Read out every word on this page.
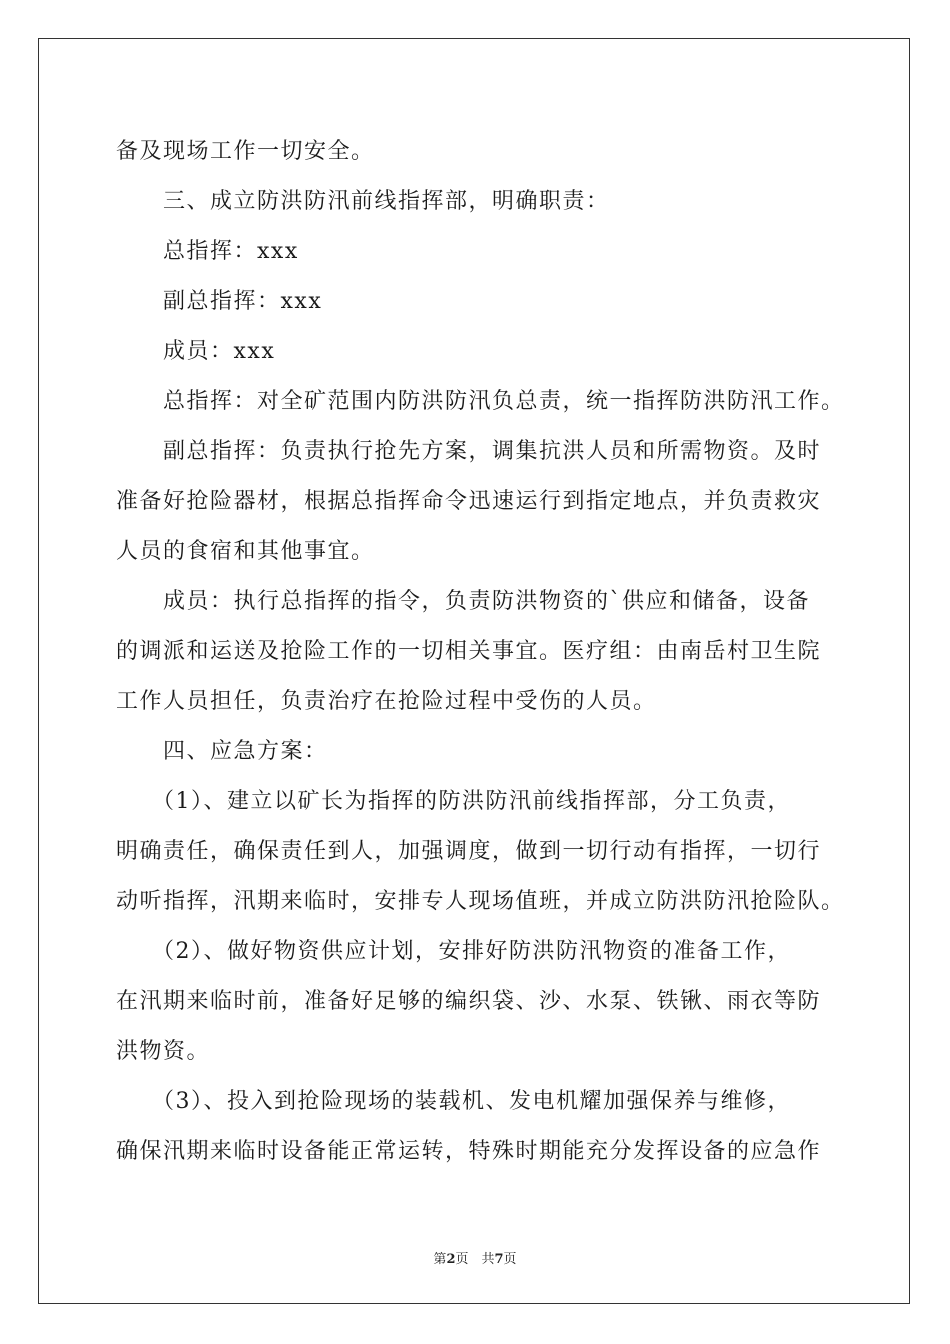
备及现场工作一切安全。

　　三、成立防洪防汛前线指挥部，明确职责：

　　总指挥：xxx

　　副总指挥：xxx

　　成员：xxx

　　总指挥：对全矿范围内防洪防汛负总责，统一指挥防洪防汛工作。

　　副总指挥：负责执行抢先方案，调集抗洪人员和所需物资。及时

准备好抢险器材，根据总指挥命令迅速运行到指定地点，并负责救灾

人员的食宿和其他事宜。

　　成员：执行总指挥的指令，负责防洪物资的`供应和储备，设备

的调派和运送及抢险工作的一切相关事宜。医疗组：由南岳村卫生院

工作人员担任，负责治疗在抢险过程中受伤的人员。

　　四、应急方案：

　　（1）、建立以矿长为指挥的防洪防汛前线指挥部，分工负责，

明确责任，确保责任到人，加强调度，做到一切行动有指挥，一切行

动听指挥，汛期来临时，安排专人现场值班，并成立防洪防汛抢险队。

　　（2）、做好物资供应计划，安排好防洪防汛物资的准备工作，

在汛期来临时前，准备好足够的编织袋、沙、水泵、铁锹、雨衣等防

洪物资。

　　（3）、投入到抢险现场的装载机、发电机耀加强保养与维修，

确保汛期来临时设备能正常运转，特殊时期能充分发挥设备的应急作

第2页　共7页
